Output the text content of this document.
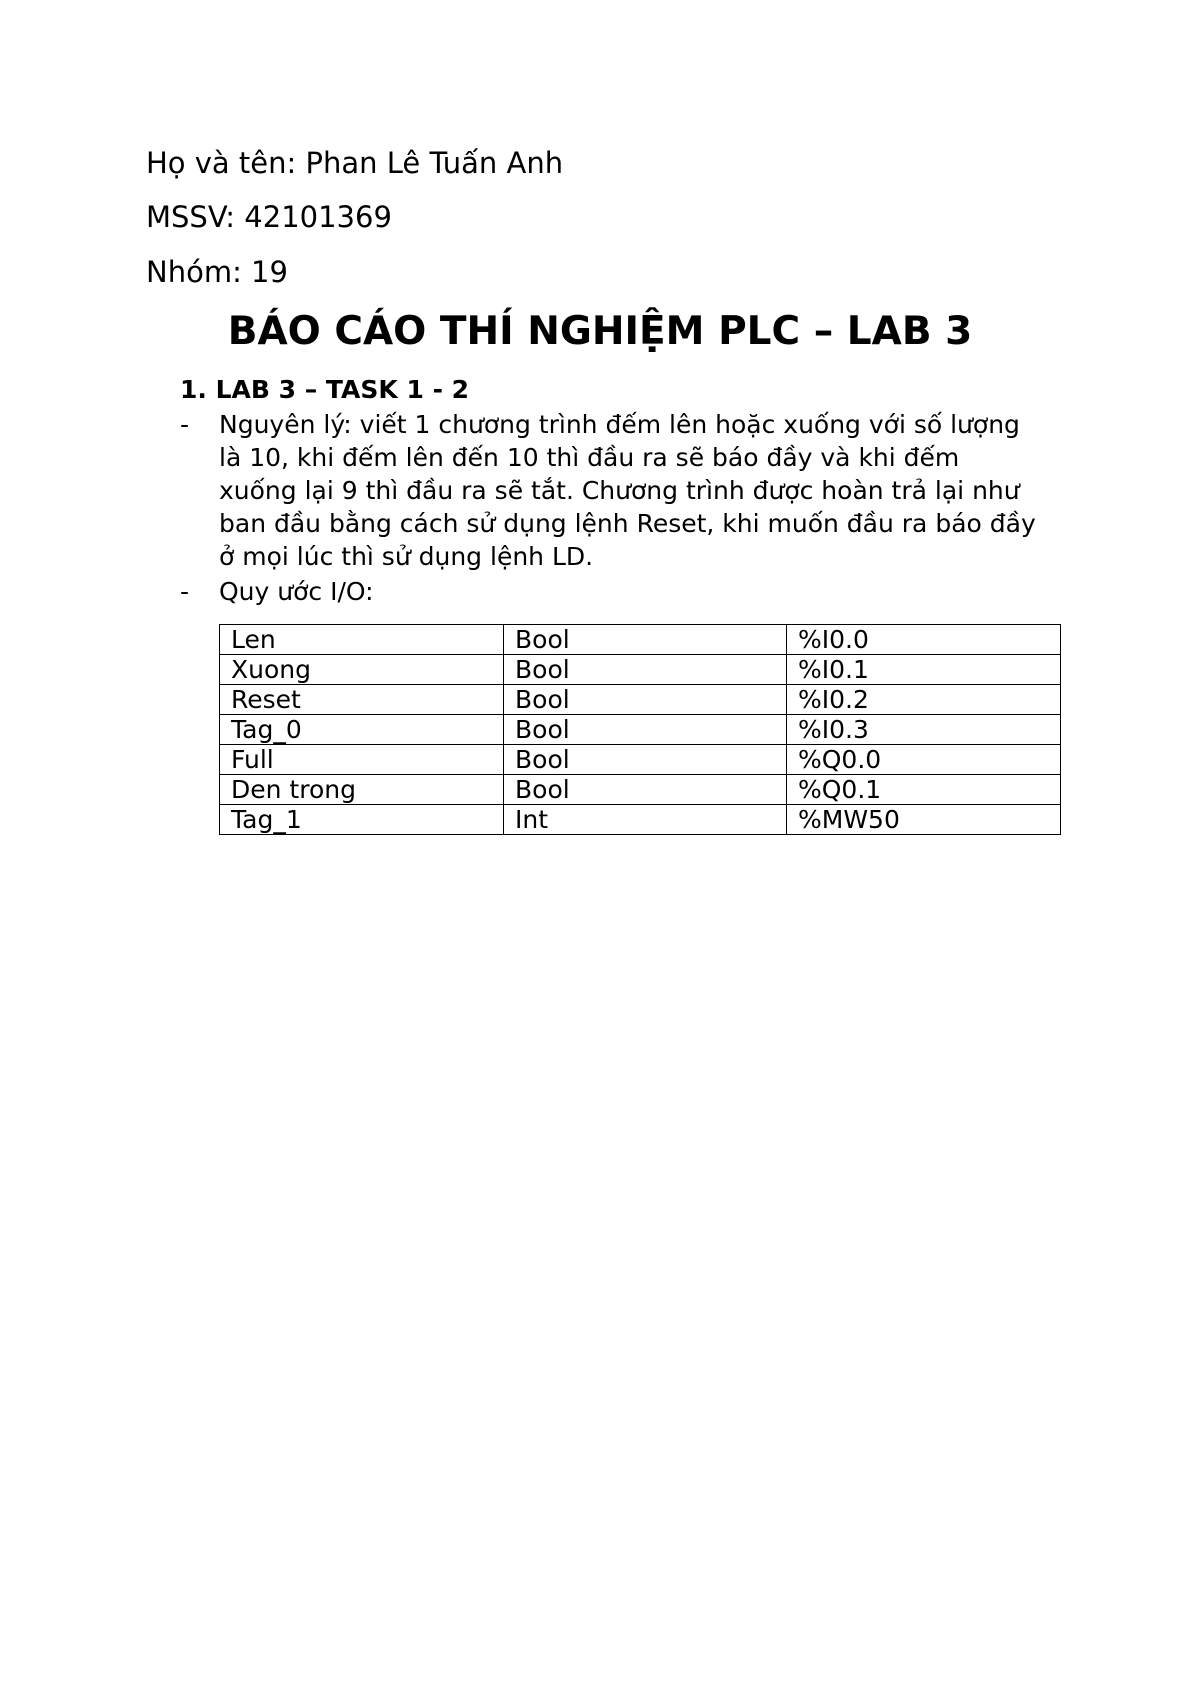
Họ và tên: Phan Lê Tuấn Anh

MSSV: 42101369

Nhóm: 19

BÁO CÁO THÍ NGHIỆM PLC – LAB 3
1. LAB 3 – TASK 1 - 2
- Nguyên lý: viết 1 chương trình đếm lên hoặc xuống với số lượng là 10, khi đếm lên đến 10 thì đầu ra sẽ báo đầy và khi đếm xuống lại 9 thì đầu ra sẽ tắt. Chương trình được hoàn trả lại như ban đầu bằng cách sử dụng lệnh Reset, khi muốn đầu ra báo đầy ở mọi lúc thì sử dụng lệnh LD.
- Quy ước I/O:
Len	Bool	%I0.0
Xuong	Bool	%I0.1
Reset	Bool	%I0.2
Tag_0	Bool	%I0.3
Full	Bool	%Q0.0
Den trong	Bool	%Q0.1
Tag_1	Int	%MW50
